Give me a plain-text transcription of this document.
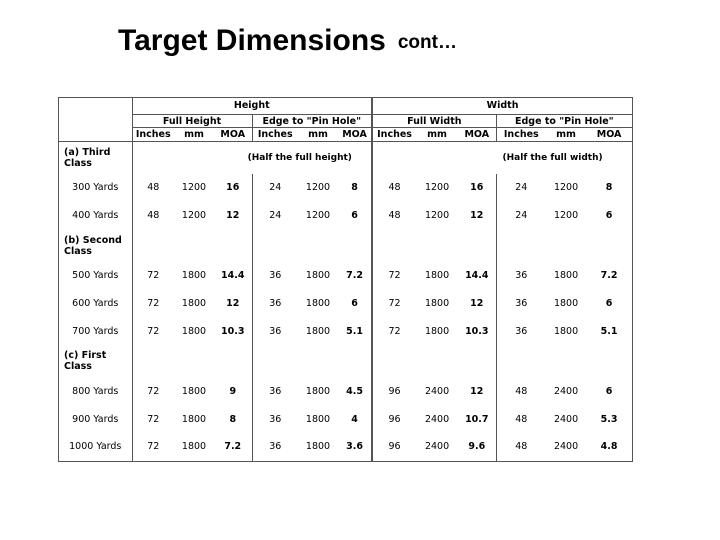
Target Dimensions cont…
	Height						Width					
	Full Height			Edge to "Pin Hole"			Full Width			Edge to "Pin Hole"		
	Inches	mm	MOA	Inches	mm	MOA	Inches	mm	MOA	Inches	mm	MOA

(a) Third
Class	(Half the full height)						(Half the full width)					
300 Yards	48	1200	16	24	1200	8	48	1200	16	24	1200	8
400 Yards	48	1200	12	24	1200	6	48	1200	12	24	1200	6

(b) Second
Class												

500 Yards	72	1800	14.4	36	1800	7.2	72	1800	14.4	36	1800	7.2
600 Yards	72	1800	12	36	1800	6	72	1800	12	36	1800	6
700 Yards	72	1800	10.3	36	1800	5.1	72	1800	10.3	36	1800	5.1

(c) First
Class												

800 Yards	72	1800	9	36	1800	4.5	96	2400	12	48	2400	6
900 Yards	72	1800	8	36	1800	4	96	2400	10.7	48	2400	5.3
1000 Yards	72	1800	7.2	36	1800	3.6	96	2400	9.6	48	2400	4.8
